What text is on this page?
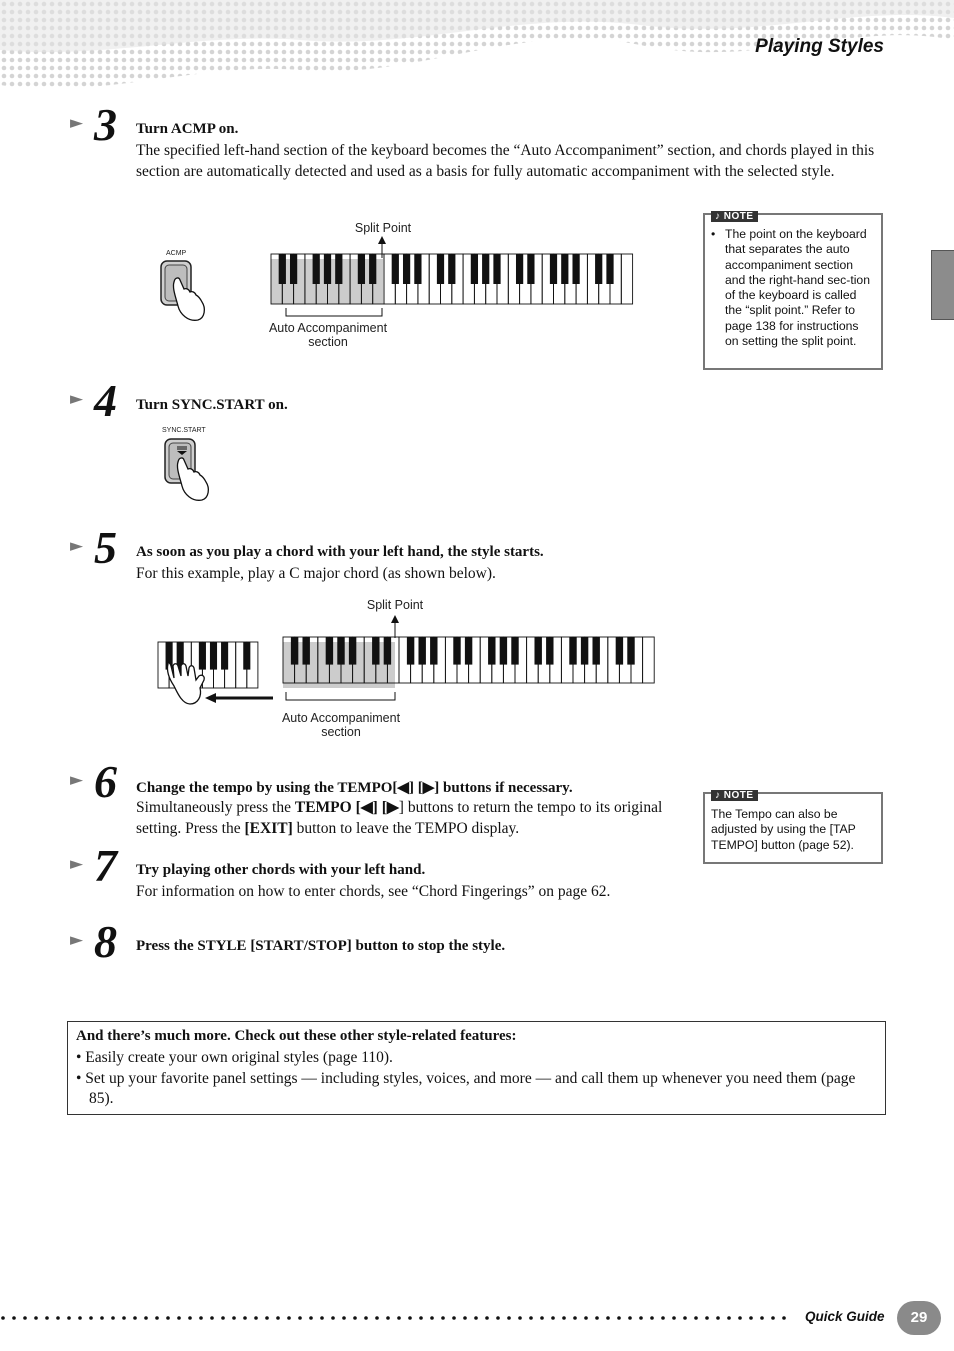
Playing Styles
► 3 Turn ACMP on.
The specified left-hand section of the keyboard becomes the “Auto Accompaniment” section, and chords played in this section are automatically detected and used as a basis for fully automatic accompaniment with the selected style.
ACMP
Split Point
Auto Accompaniment
section
♪ NOTE
• The point on the keyboard that separates the auto accompaniment section and the right-hand sec-tion of the keyboard is called the “split point.” Refer to page 138 for instructions on setting the split point.
► 4 Turn SYNC.START on.
SYNC.START
► 5 As soon as you play a chord with your left hand, the style starts.
For this example, play a C major chord (as shown below).
Split Point
Auto Accompaniment
section
► 6 Change the tempo by using the TEMPO[◀] [▶] buttons if necessary.
Simultaneously press the TEMPO [◀] [▶] buttons to return the tempo to its original setting. Press the [EXIT] button to leave the TEMPO display.
♪ NOTE
The Tempo can also be adjusted by using the [TAP TEMPO] button (page 52).
► 7 Try playing other chords with your left hand.
For information on how to enter chords, see “Chord Fingerings” on page 62.
► 8 Press the STYLE [START/STOP] button to stop the style.
And there’s much more. Check out these other style-related features:
• Easily create your own original styles (page 110).
• Set up your favorite panel settings — including styles, voices, and more — and call them up whenever you need them (page 85).
Quick Guide	29
